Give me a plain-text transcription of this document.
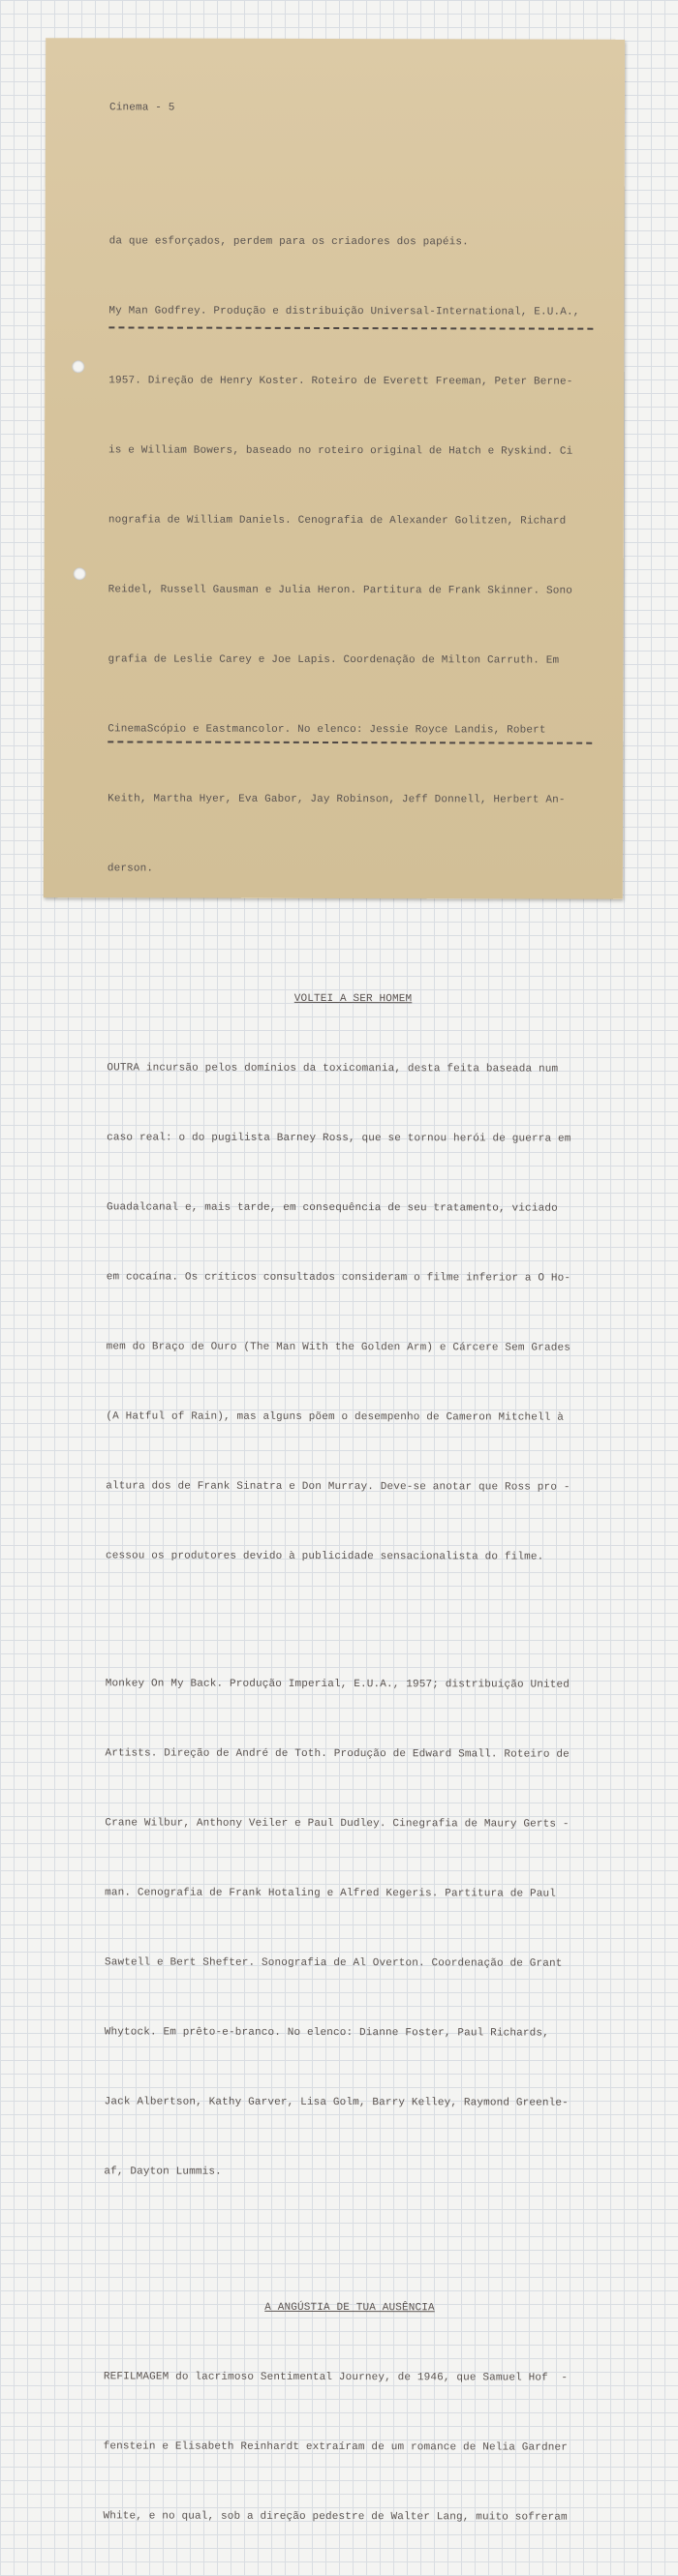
Cinema - 5

da que esforçados, perdem para os criadores dos papéis.

My Man Godfrey. Produção e distribuição Universal-International, E.U.A.,

1957. Direção de Henry Koster. Roteiro de Everett Freeman, Peter Berne-

is e William Bowers, baseado no roteiro original de Hatch e Ryskind. Ci

nografia de William Daniels. Cenografia de Alexander Golitzen, Richard

Reidel, Russell Gausman e Julia Heron. Partitura de Frank Skinner. Sono

grafia de Leslie Carey e Joe Lapis. Coordenação de Milton Carruth. Em

CinemaScópio e Eastmancolor. No elenco: Jessie Royce Landis, Robert

Keith, Martha Hyer, Eva Gabor, Jay Robinson, Jeff Donnell, Herbert An-

derson.

VOLTEI A SER HOMEM

OUTRA incursão pelos domínios da toxicomania, desta feita baseada num

caso real: o do pugilista Barney Ross, que se tornou herói de guerra em

Guadalcanal e, mais tarde, em consequência de seu tratamento, viciado

em cocaína. Os críticos consultados consideram o filme inferior a O Ho-

mem do Braço de Ouro (The Man With the Golden Arm) e Cárcere Sem Grades

(A Hatful of Rain), mas alguns põem o desempenho de Cameron Mitchell à

altura dos de Frank Sinatra e Don Murray. Deve-se anotar que Ross pro -

cessou os produtores devido à publicidade sensacionalista do filme.

Monkey On My Back. Produção Imperial, E.U.A., 1957; distribuição United

Artists. Direção de André de Toth. Produção de Edward Small. Roteiro de

Crane Wilbur, Anthony Veiler e Paul Dudley. Cinegrafia de Maury Gerts -

man. Cenografia de Frank Hotaling e Alfred Kegeris. Partitura de Paul

Sawtell e Bert Shefter. Sonografia de Al Overton. Coordenação de Grant

Whytock. Em prêto-e-branco. No elenco: Dianne Foster, Paul Richards,

Jack Albertson, Kathy Garver, Lisa Golm, Barry Kelley, Raymond Greenle-

af, Dayton Lummis.

A ANGÚSTIA DE TUA AUSÊNCIA

REFILMAGEM do lacrimoso Sentimental Journey, de 1946, que Samuel Hof  -

fenstein e Elisabeth Reinhardt extraíram de um romance de Nelia Gardner

White, e no qual, sob a direção pedestre de Walter Lang, muito sofreram
